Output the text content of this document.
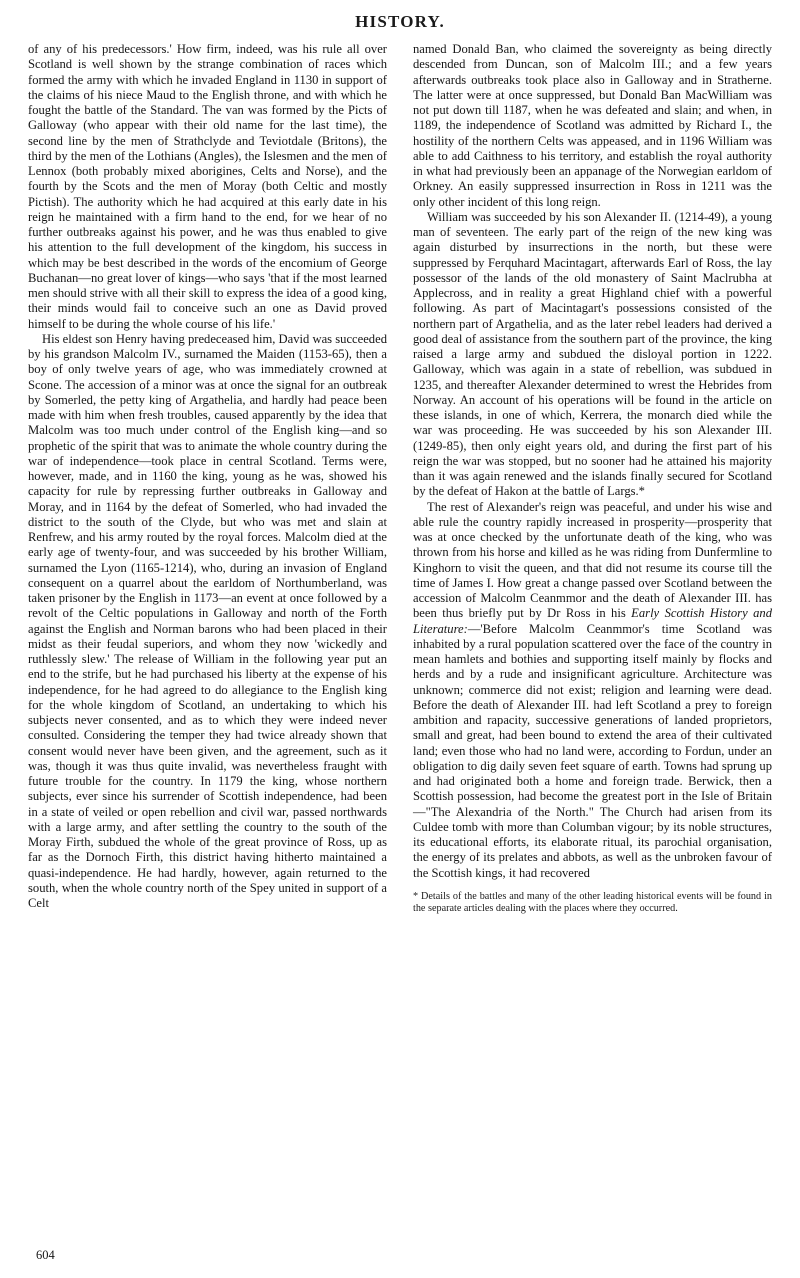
HISTORY.

of any of his predecessors.' How firm, indeed, was his rule all over Scotland is well shown by the strange combination of races which formed the army with which he invaded England in 1130 in support of the claims of his niece Maud to the English throne, and with which he fought the battle of the Standard. The van was formed by the Picts of Galloway (who appear with their old name for the last time), the second line by the men of Strathclyde and Teviotdale (Britons), the third by the men of the Lothians (Angles), the Islesmen and the men of Lennox (both probably mixed aborigines, Celts and Norse), and the fourth by the Scots and the men of Moray (both Celtic and mostly Pictish). The authority which he had acquired at this early date in his reign he maintained with a firm hand to the end, for we hear of no further outbreaks against his power, and he was thus enabled to give his attention to the full development of the kingdom, his success in which may be best described in the words of the encomium of George Buchanan—no great lover of kings—who says 'that if the most learned men should strive with all their skill to express the idea of a good king, their minds would fail to conceive such an one as David proved himself to be during the whole course of his life.'

His eldest son Henry having predeceased him, David was succeeded by his grandson Malcolm IV., surnamed the Maiden (1153-65), then a boy of only twelve years of age, who was immediately crowned at Scone. The accession of a minor was at once the signal for an outbreak by Somerled, the petty king of Argathelia, and hardly had peace been made with him when fresh troubles, caused apparently by the idea that Malcolm was too much under control of the English king—and so prophetic of the spirit that was to animate the whole country during the war of independence—took place in central Scotland. Terms were, however, made, and in 1160 the king, young as he was, showed his capacity for rule by repressing further outbreaks in Galloway and Moray, and in 1164 by the defeat of Somerled, who had invaded the district to the south of the Clyde, but who was met and slain at Renfrew, and his army routed by the royal forces. Malcolm died at the early age of twenty-four, and was succeeded by his brother William, surnamed the Lyon (1165-1214), who, during an invasion of England consequent on a quarrel about the earldom of Northumberland, was taken prisoner by the English in 1173—an event at once followed by a revolt of the Celtic populations in Galloway and north of the Forth against the English and Norman barons who had been placed in their midst as their feudal superiors, and whom they now 'wickedly and ruthlessly slew.' The release of William in the following year put an end to the strife, but he had purchased his liberty at the expense of his independence, for he had agreed to do allegiance to the English king for the whole kingdom of Scotland, an undertaking to which his subjects never consented, and as to which they were indeed never consulted. Considering the temper they had twice already shown that consent would never have been given, and the agreement, such as it was, though it was thus quite invalid, was nevertheless fraught with future trouble for the country. In 1179 the king, whose northern subjects, ever since his surrender of Scottish independence, had been in a state of veiled or open rebellion and civil war, passed northwards with a large army, and after settling the country to the south of the Moray Firth, subdued the whole of the great province of Ross, up as far as the Dornoch Firth, this district having hitherto maintained a quasi-independence. He had hardly, however, again returned to the south, when the whole country north of the Spey united in support of a Celt

named Donald Ban, who claimed the sovereignty as being directly descended from Duncan, son of Malcolm III.; and a few years afterwards outbreaks took place also in Galloway and in Stratherne. The latter were at once suppressed, but Donald Ban MacWilliam was not put down till 1187, when he was defeated and slain; and when, in 1189, the independence of Scotland was admitted by Richard I., the hostility of the northern Celts was appeased, and in 1196 William was able to add Caithness to his territory, and establish the royal authority in what had previously been an appanage of the Norwegian earldom of Orkney. An easily suppressed insurrection in Ross in 1211 was the only other incident of this long reign.

William was succeeded by his son Alexander II. (1214-49), a young man of seventeen. The early part of the reign of the new king was again disturbed by insurrections in the north, but these were suppressed by Ferquhard Macintagart, afterwards Earl of Ross, the lay possessor of the lands of the old monastery of Saint Maclrubha at Applecross, and in reality a great Highland chief with a powerful following. As part of Macintagart's possessions consisted of the northern part of Argathelia, and as the later rebel leaders had derived a good deal of assistance from the southern part of the province, the king raised a large army and subdued the disloyal portion in 1222. Galloway, which was again in a state of rebellion, was subdued in 1235, and thereafter Alexander determined to wrest the Hebrides from Norway. An account of his operations will be found in the article on these islands, in one of which, Kerrera, the monarch died while the war was proceeding. He was succeeded by his son Alexander III. (1249-85), then only eight years old, and during the first part of his reign the war was stopped, but no sooner had he attained his majority than it was again renewed and the islands finally secured for Scotland by the defeat of Hakon at the battle of Largs.*

The rest of Alexander's reign was peaceful, and under his wise and able rule the country rapidly increased in prosperity—prosperity that was at once checked by the unfortunate death of the king, who was thrown from his horse and killed as he was riding from Dunfermline to Kinghorn to visit the queen, and that did not resume its course till the time of James I. How great a change passed over Scotland between the accession of Malcolm Ceanmmor and the death of Alexander III. has been thus briefly put by Dr Ross in his Early Scottish History and Literature:—'Before Malcolm Ceanmmor's time Scotland was inhabited by a rural population scattered over the face of the country in mean hamlets and bothies and supporting itself mainly by flocks and herds and by a rude and insignificant agriculture. Architecture was unknown; commerce did not exist; religion and learning were dead. Before the death of Alexander III. had left Scotland a prey to foreign ambition and rapacity, successive generations of landed proprietors, small and great, had been bound to extend the area of their cultivated land; even those who had no land were, according to Fordun, under an obligation to dig daily seven feet square of earth. Towns had sprung up and had originated both a home and foreign trade. Berwick, then a Scottish possession, had become the greatest port in the Isle of Britain—"The Alexandria of the North." The Church had arisen from its Culdee tomb with more than Columban vigour; by its noble structures, its educational efforts, its elaborate ritual, its parochial organisation, the energy of its prelates and abbots, as well as the unbroken favour of the Scottish kings, it had recovered

* Details of the battles and many of the other leading historical events will be found in the separate articles dealing with the places where they occurred.
604
